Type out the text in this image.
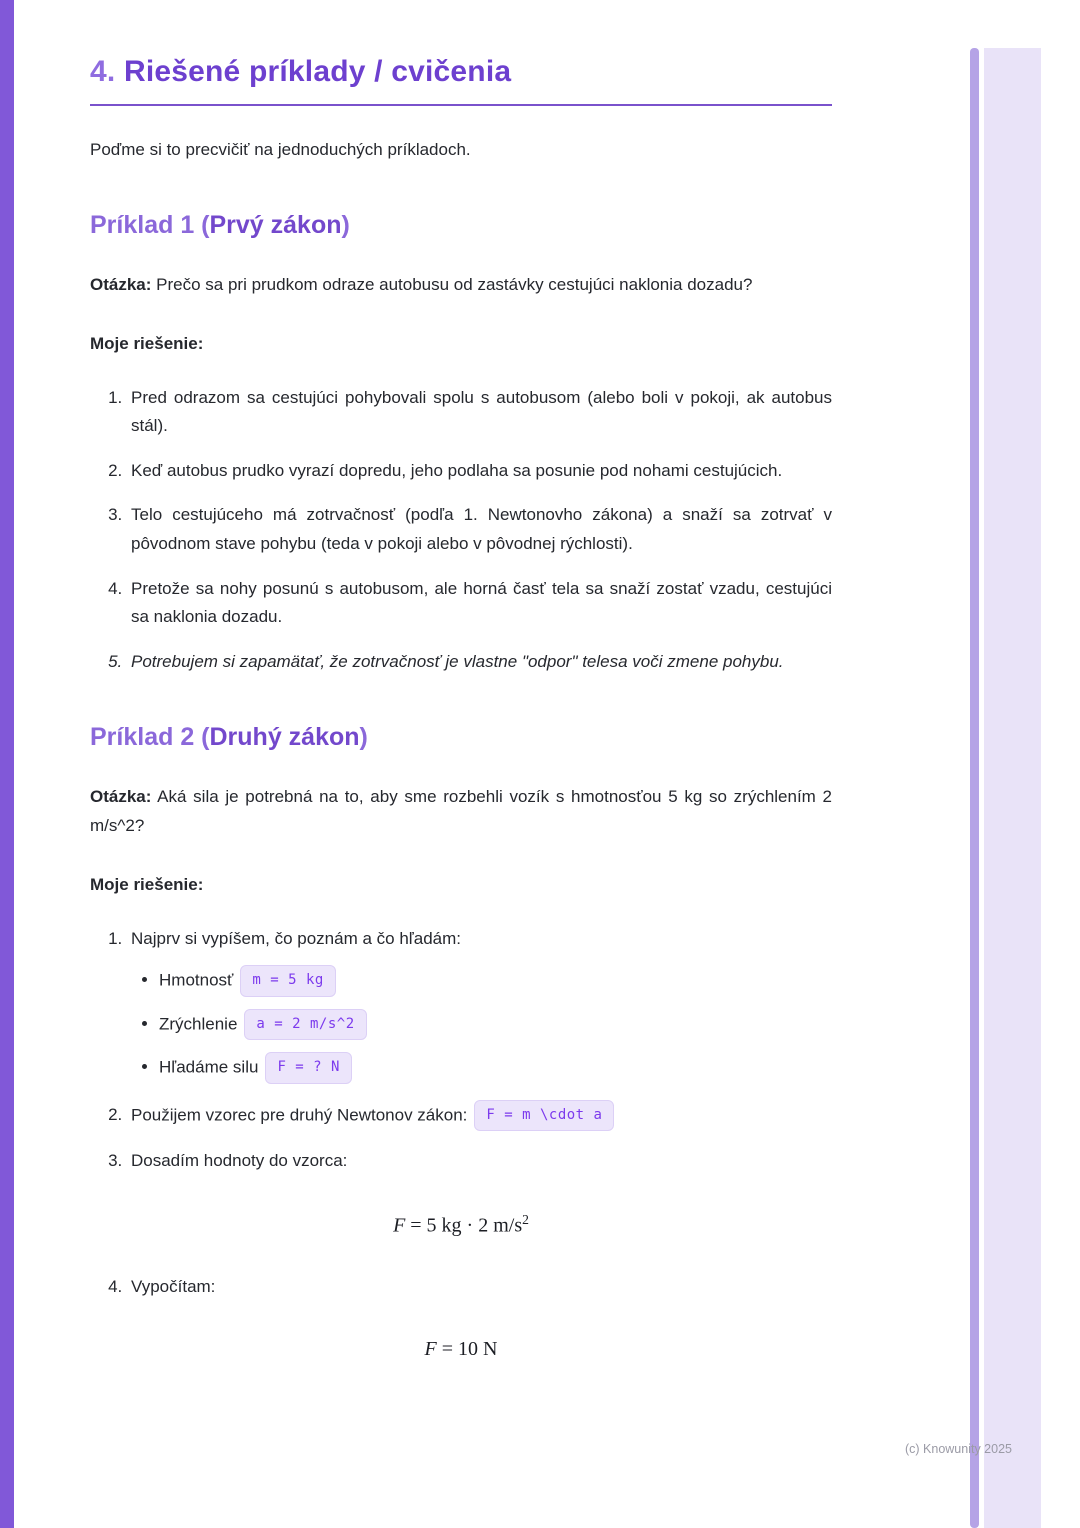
(c) Knowunity 2025
4. Riešené príklady / cvičenia

Poďme si to precvičiť na jednoduchých príkladoch.

Príklad 1 (Prvý zákon)

Otázka: Prečo sa pri prudkom odraze autobusu od zastávky cestujúci naklonia dozadu?

Moje riešenie:

1. Pred odrazom sa cestujúci pohybovali spolu s autobusom (alebo boli v pokoji, ak autobus stál).
2. Keď autobus prudko vyrazí dopredu, jeho podlaha sa posunie pod nohami cestujúcich.
3. Telo cestujúceho má zotrvačnosť (podľa 1. Newtonovho zákona) a snaží sa zotrvať v pôvodnom stave pohybu (teda v pokoji alebo v pôvodnej rýchlosti).
4. Pretože sa nohy posunú s autobusom, ale horná časť tela sa snaží zostať vzadu, cestujúci sa naklonia dozadu.
5. Potrebujem si zapamätať, že zotrvačnosť je vlastne "odpor" telesa voči zmene pohybu.
Príklad 2 (Druhý zákon)

Otázka: Aká sila je potrebná na to, aby sme rozbehli vozík s hmotnosťou 5 kg so zrýchlením 2 m/s^2?

Moje riešenie:

1. Najprv si vypíšem, čo poznám a čo hľadám:
• Hmotnosť m = 5 kg
• Zrýchlenie a = 2 m/s^2
• Hľadáme silu F = ? N
2. Použijem vzorec pre druhý Newtonov zákon: F = m \cdot a
3. Dosadím hodnoty do vzorca:
F = 5 kg · 2 $m/s^2$
4. Vypočítam:
F = 10 N
